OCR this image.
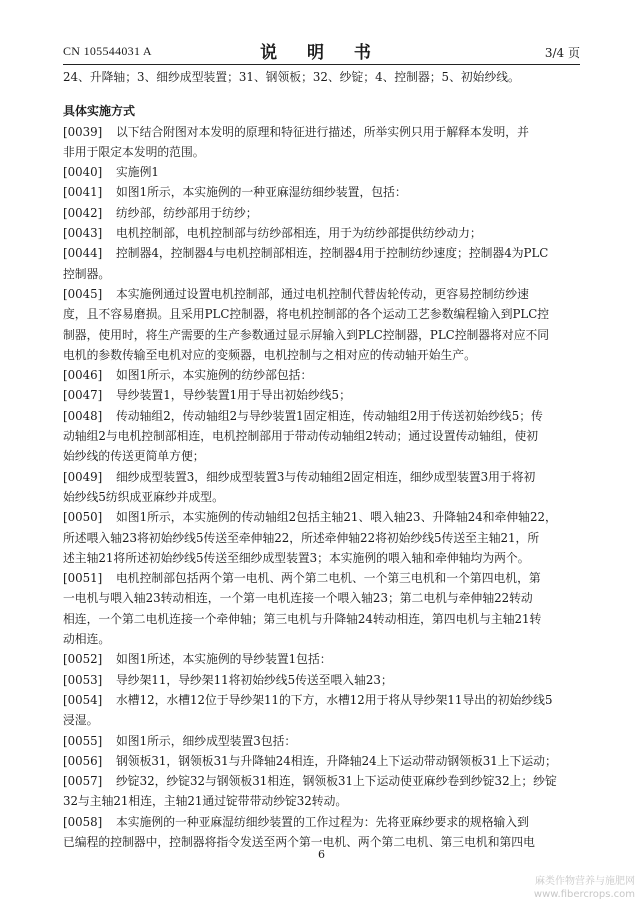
CN 105544031 A	说 明 书	3/4 页
24、升降轴；3、细纱成型装置；31、钢领板；32、纱锭；4、控制器；5、初始纱线。
具体实施方式
[0039]	以下结合附图对本发明的原理和特征进行描述，所举实例只用于解释本发明，并
非用于限定本发明的范围。
[0040]	实施例1
[0041]	如图1所示，本实施例的一种亚麻湿纺细纱装置，包括：
[0042]	纺纱部，纺纱部用于纺纱；
[0043]	电机控制部，电机控制部与纺纱部相连，用于为纺纱部提供纺纱动力；
[0044]	控制器4，控制器4与电机控制部相连，控制器4用于控制纺纱速度；控制器4为PLC
控制器。
[0045]	本实施例通过设置电机控制部，通过电机控制代替齿轮传动，更容易控制纺纱速
度，且不容易磨损。且采用PLC控制器，将电机控制部的各个运动工艺参数编程输入到PLC控
制器，使用时，将生产需要的生产参数通过显示屏输入到PLC控制器，PLC控制器将对应不同
电机的参数传输至电机对应的变频器，电机控制与之相对应的传动轴开始生产。
[0046]	如图1所示，本实施例的纺纱部包括：
[0047]	导纱装置1，导纱装置1用于导出初始纱线5；
[0048]	传动轴组2，传动轴组2与导纱装置1固定相连，传动轴组2用于传送初始纱线5；传
动轴组2与电机控制部相连，电机控制部用于带动传动轴组2转动；通过设置传动轴组，使初
始纱线的传送更简单方便；
[0049]	细纱成型装置3，细纱成型装置3与传动轴组2固定相连，细纱成型装置3用于将初
始纱线5纺织成亚麻纱并成型。
[0050]	如图1所示，本实施例的传动轴组2包括主轴21、喂入轴23、升降轴24和牵伸轴22，
所述喂入轴23将初始纱线5传送至牵伸轴22，所述牵伸轴22将初始纱线5传送至主轴21，所
述主轴21将所述初始纱线5传送至细纱成型装置3；本实施例的喂入轴和牵伸轴均为两个。
[0051]	电机控制部包括两个第一电机、两个第二电机、一个第三电机和一个第四电机，第
一电机与喂入轴23转动相连，一个第一电机连接一个喂入轴23；第二电机与牵伸轴22转动
相连，一个第二电机连接一个牵伸轴；第三电机与升降轴24转动相连，第四电机与主轴21转
动相连。
[0052]	如图1所述，本实施例的导纱装置1包括：
[0053]	导纱架11，导纱架11将初始纱线5传送至喂入轴23；
[0054]	水槽12，水槽12位于导纱架11的下方，水槽12用于将从导纱架11导出的初始纱线5
浸湿。
[0055]	如图1所示，细纱成型装置3包括：
[0056]	钢领板31，钢领板31与升降轴24相连，升降轴24上下运动带动钢领板31上下运动；
[0057]	纱锭32，纱锭32与钢领板31相连，钢领板31上下运动使亚麻纱卷到纱锭32上；纱锭
32与主轴21相连，主轴21通过锭带带动纱锭32转动。
[0058]	本实施例的一种亚麻湿纺细纱装置的工作过程为：先将亚麻纱要求的规格输入到
已编程的控制器中，控制器将指令发送至两个第一电机、两个第二电机、第三电机和第四电
6
麻类作物营养与施肥网
www.fibercrops.com
